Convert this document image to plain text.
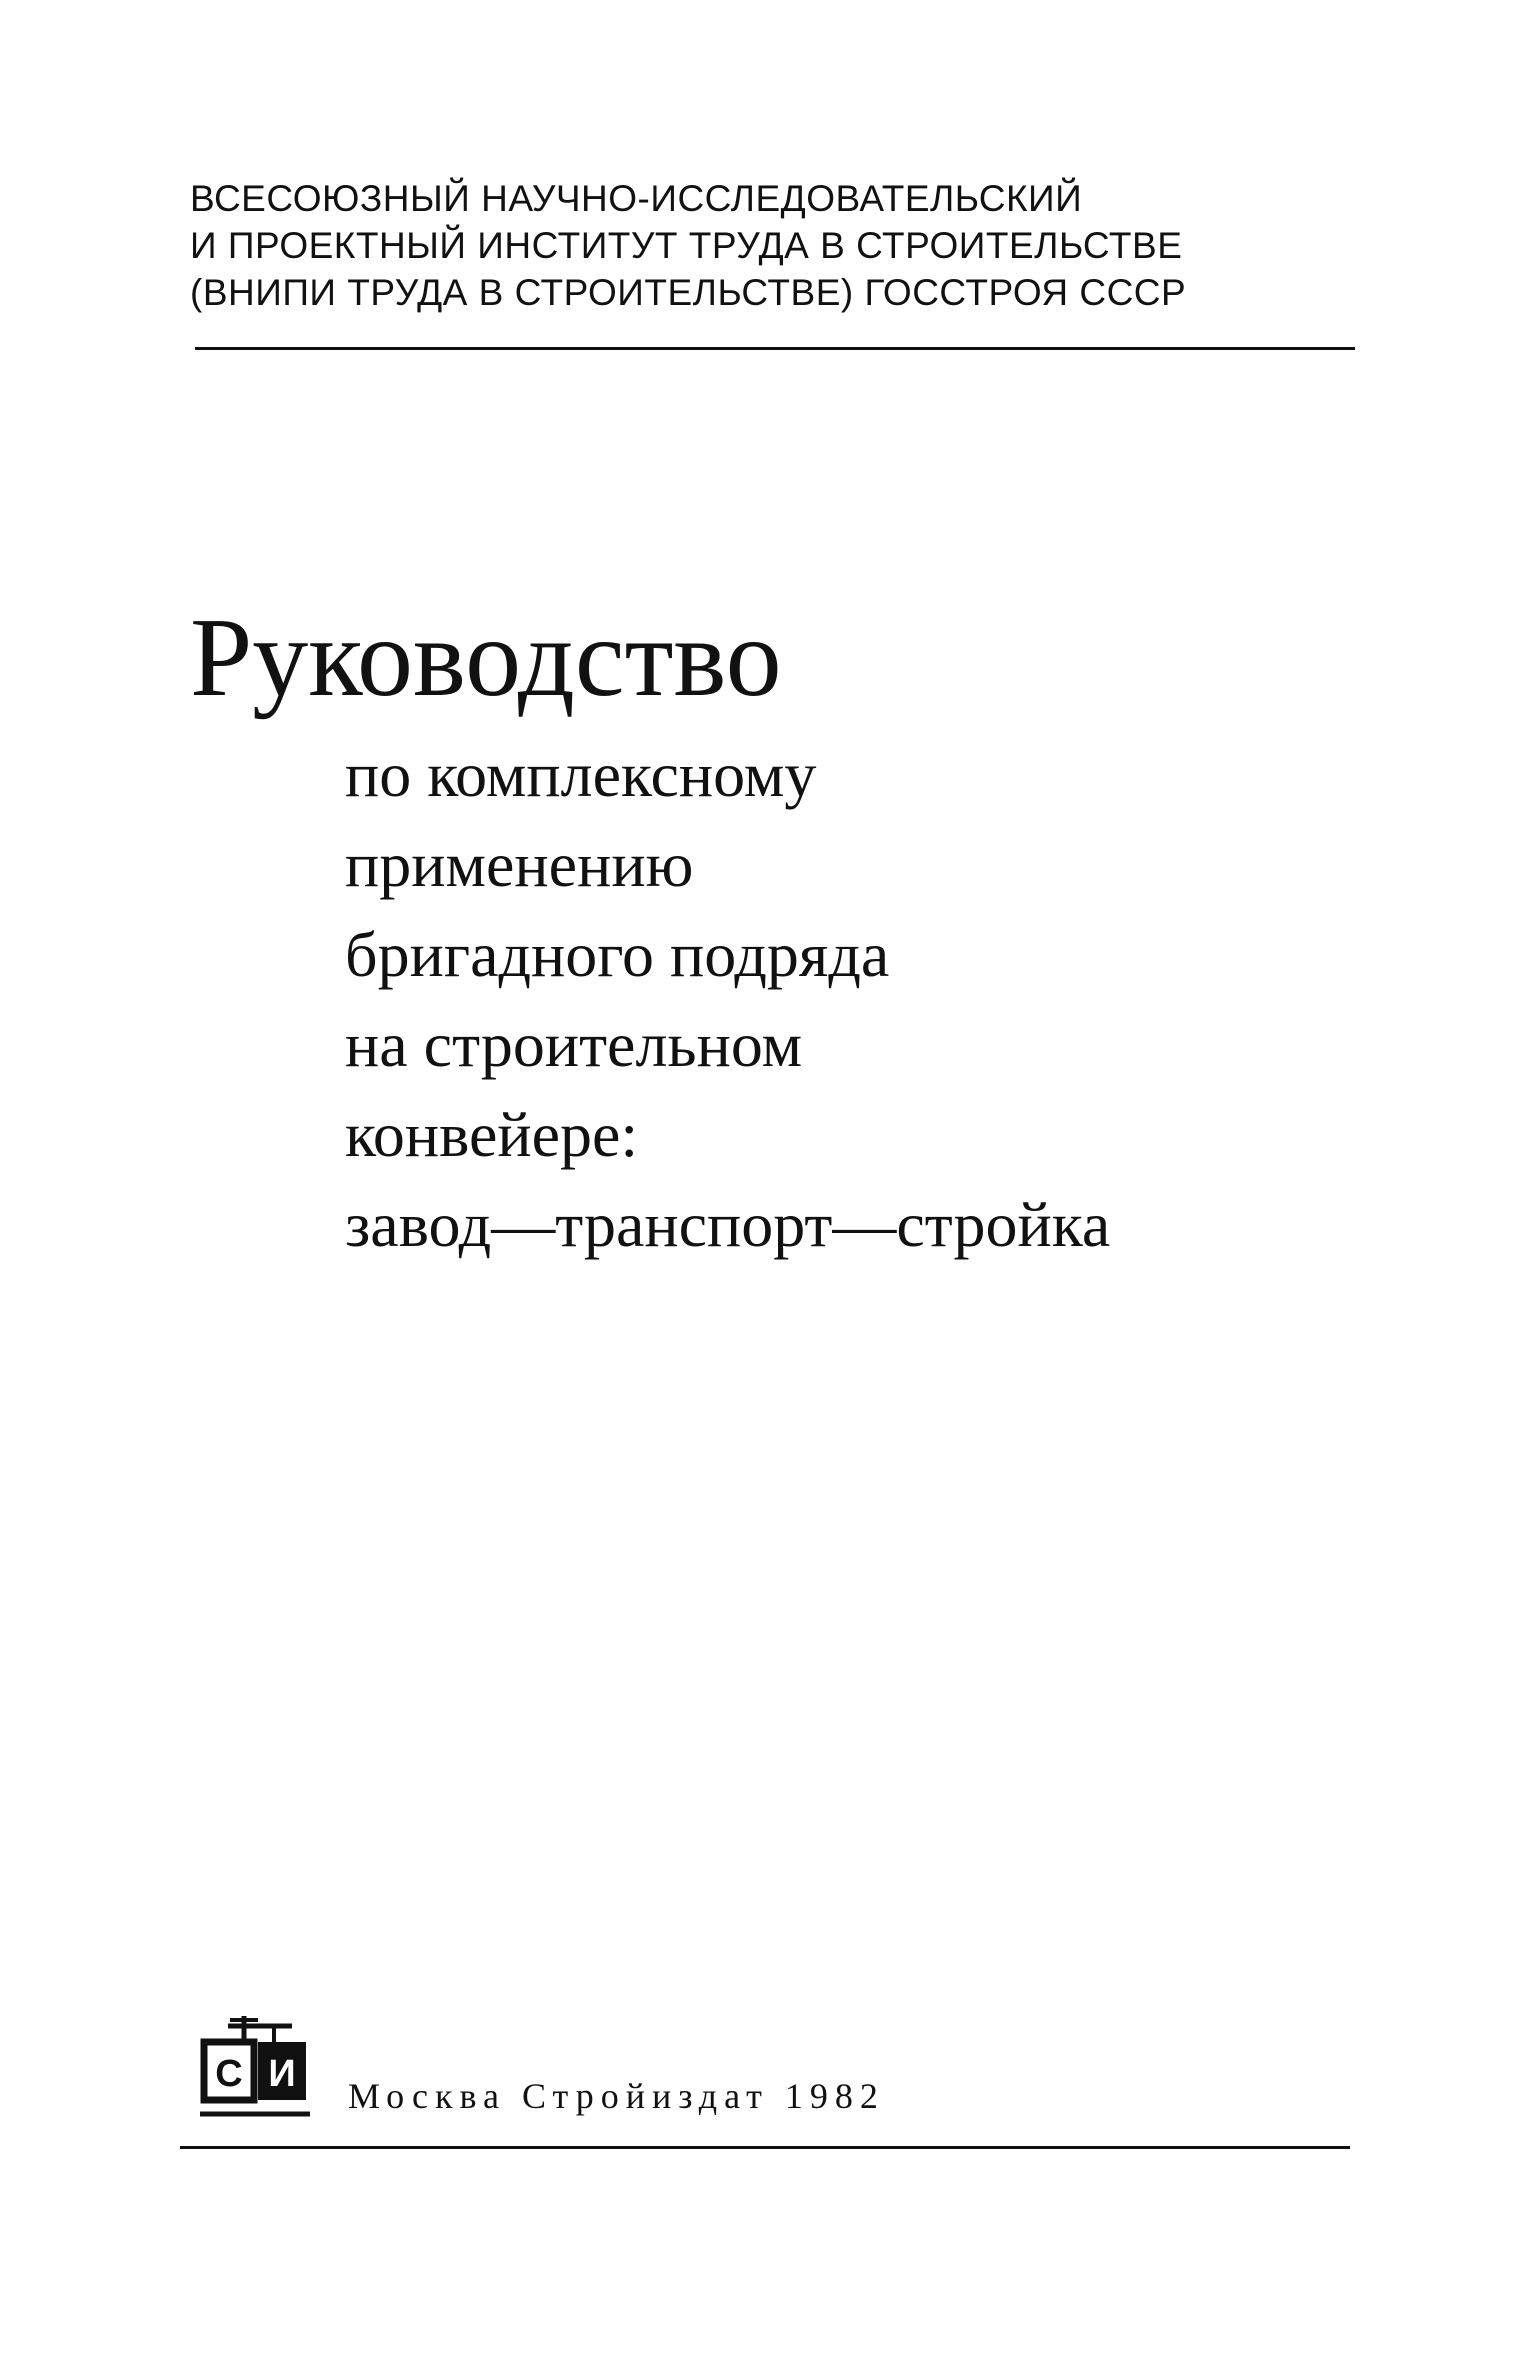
ВСЕСОЮЗНЫЙ НАУЧНО-ИССЛЕДОВАТЕЛЬСКИЙ
И ПРОЕКТНЫЙ ИНСТИТУТ ТРУДА В СТРОИТЕЛЬСТВЕ
(ВНИПИ ТРУДА В СТРОИТЕЛЬСТВЕ) ГОССТРОЯ СССР
Руководство
по комплексному
применению
бригадного подряда
на строительном
конвейере:
завод—транспорт—стройка
С И
Москва Стройиздат 1982
